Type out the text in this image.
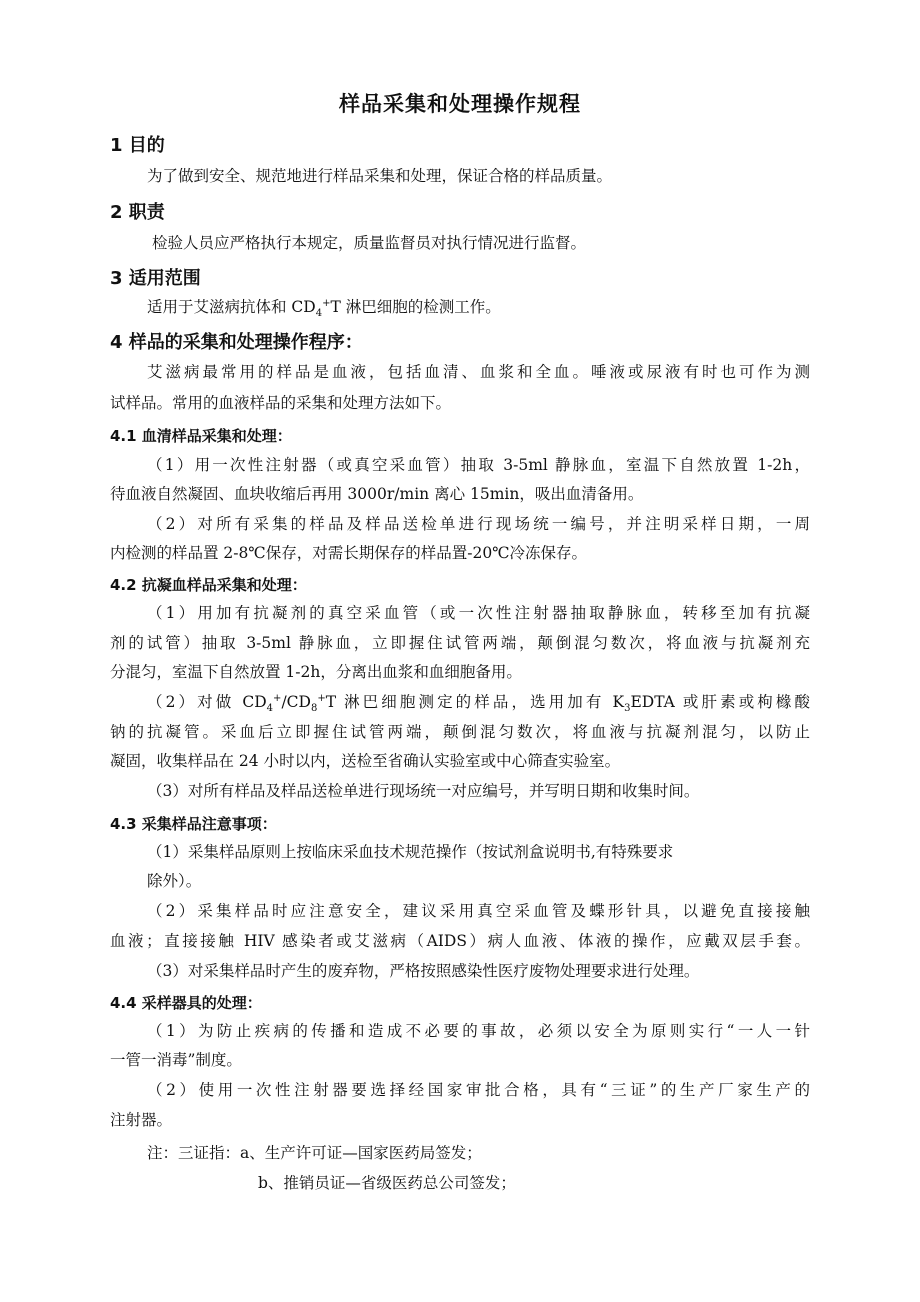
样品采集和处理操作规程
1 目的

为了做到安全、规范地进行样品采集和处理，保证合格的样品质量。

2 职责

检验人员应严格执行本规定，质量监督员对执行情况进行监督。

3 适用范围

适用于艾滋病抗体和 $CD_4^+T$ 淋巴细胞的检测工作。

4 样品的采集和处理操作程序：

艾滋病最常用的样品是血液，包括血清、血浆和全血。唾液或尿液有时也可作为测

试样品。常用的血液样品的采集和处理方法如下。

4.1 血清样品采集和处理：

（1）用一次性注射器（或真空采血管）抽取 3-5ml 静脉血，室温下自然放置 1-2h，

待血液自然凝固、血块收缩后再用 3000r/min 离心 15min，吸出血清备用。

（2）对所有采集的样品及样品送检单进行现场统一编号，并注明采样日期，一周

内检测的样品置 2-8℃保存，对需长期保存的样品置-20℃冷冻保存。

4.2 抗凝血样品采集和处理：

（1）用加有抗凝剂的真空采血管（或一次性注射器抽取静脉血，转移至加有抗凝

剂的试管）抽取 3-5ml 静脉血，立即握住试管两端，颠倒混匀数次，将血液与抗凝剂充

分混匀，室温下自然放置 1-2h，分离出血浆和血细胞备用。

（2）对做 $CD_4^+/CD_8^+T$ 淋巴细胞测定的样品，选用加有 $K_3EDTA$ 或肝素或枸橼酸

钠的抗凝管。采血后立即握住试管两端，颠倒混匀数次，将血液与抗凝剂混匀，以防止

凝固，收集样品在 24 小时以内，送检至省确认实验室或中心筛查实验室。

（3）对所有样品及样品送检单进行现场统一对应编号，并写明日期和收集时间。

4.3 采集样品注意事项：

（1）采集样品原则上按临床采血技术规范操作（按试剂盒说明书,有特殊要求

除外）。

（2）采集样品时应注意安全，建议采用真空采血管及蝶形针具，以避免直接接触

血液；直接接触 HIV 感染者或艾滋病（AIDS）病人血液、体液的操作，应戴双层手套。

（3）对采集样品时产生的废弃物，严格按照感染性医疗废物处理要求进行处理。

4.4 采样器具的处理：

（1）为防止疾病的传播和造成不必要的事故，必须以安全为原则实行“一人一针

一管一消毒”制度。

（2）使用一次性注射器要选择经国家审批合格，具有“三证”的生产厂家生产的

注射器。

注：三证指：a、生产许可证—国家医药局签发；

b、推销员证—省级医药总公司签发；
